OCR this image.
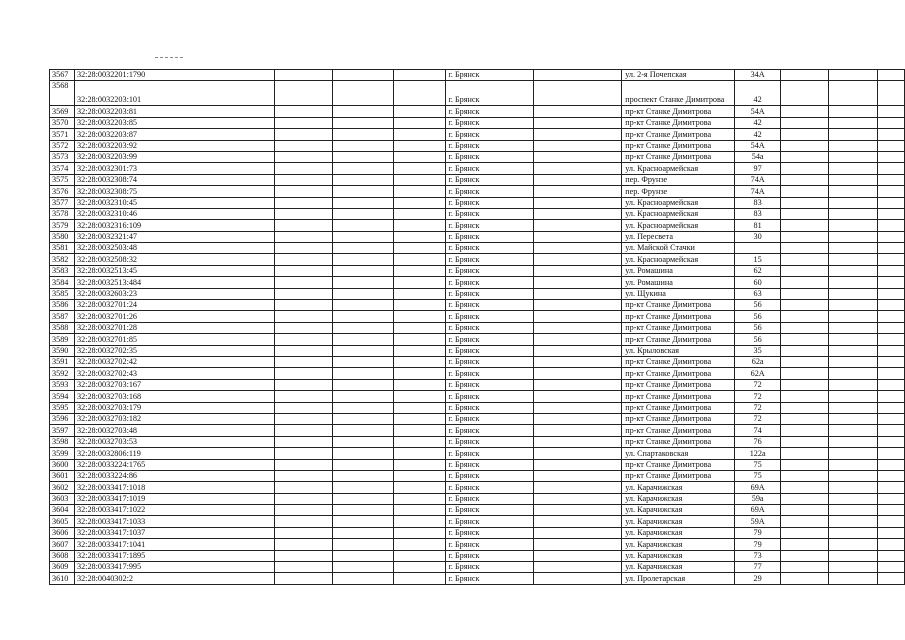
3567	32:28:0032201:1790				г. Брянск		ул. 2-я Почепская	34А			
3568	32:28:0032203:101				г. Брянск		проспект Станке Димитрова	42			
3569	32:28:0032203:81				г. Брянск		пр-кт Станке Димитрова	54А			
3570	32:28:0032203:85				г. Брянск		пр-кт Станке Димитрова	42			
3571	32:28:0032203:87				г. Брянск		пр-кт Станке Димитрова	42			
3572	32:28:0032203:92				г. Брянск		пр-кт Станке Димитрова	54А			
3573	32:28:0032203:99				г. Брянск		пр-кт Станке Димитрова	54а			
3574	32:28:0032301:73				г. Брянск		ул. Красноармейская	97			
3575	32:28:0032308:74				г. Брянск		пер. Фрунзе	74А			
3576	32:28:0032308:75				г. Брянск		пер. Фрунзе	74А			
3577	32:28:0032310:45				г. Брянск		ул. Красноармейская	83			
3578	32:28:0032310:46				г. Брянск		ул. Красноармейская	83			
3579	32:28:0032316:109				г. Брянск		ул. Красноармейская	81			
3580	32:28:0032321:47				г. Брянск		ул. Пересвета	30			
3581	32:28:0032503:48				г. Брянск		ул. Майской Стачки				
3582	32:28:0032508:32				г. Брянск		ул. Красноармейская	15			
3583	32:28:0032513:45				г. Брянск		ул. Ромашина	62			
3584	32:28:0032513:484				г. Брянск		ул. Ромашина	60			
3585	32:28:0032603:23				г. Брянск		ул. Щукина	63			
3586	32:28:0032701:24				г. Брянск		пр-кт Станке Димитрова	56			
3587	32:28:0032701:26				г. Брянск		пр-кт Станке Димитрова	56			
3588	32:28:0032701:28				г. Брянск		пр-кт Станке Димитрова	56			
3589	32:28:0032701:85				г. Брянск		пр-кт Станке Димитрова	56			
3590	32:28:0032702:35				г. Брянск		ул. Крыловская	35			
3591	32:28:0032702:42				г. Брянск		пр-кт Станке Димитрова	62а			
3592	32:28:0032702:43				г. Брянск		пр-кт Станке Димитрова	62А			
3593	32:28:0032703:167				г. Брянск		пр-кт Станке Димитрова	72			
3594	32:28:0032703:168				г. Брянск		пр-кт Станке Димитрова	72			
3595	32:28:0032703:179				г. Брянск		пр-кт Станке Димитрова	72			
3596	32:28:0032703:182				г. Брянск		пр-кт Станке Димитрова	72			
3597	32:28:0032703:48				г. Брянск		пр-кт Станке Димитрова	74			
3598	32:28:0032703:53				г. Брянск		пр-кт Станке Димитрова	76			
3599	32:28:0032806:119				г. Брянск		ул. Спартаковская	122а			
3600	32:28:0033224:1765				г. Брянск		пр-кт Станке Димитрова	75			
3601	32:28:0033224:86				г. Брянск		пр-кт Станке Димитрова	75			
3602	32:28:0033417:1018				г. Брянск		ул. Карачижская	69А			
3603	32:28:0033417:1019				г. Брянск		ул. Карачижская	59а			
3604	32:28:0033417:1022				г. Брянск		ул. Карачижская	69А			
3605	32:28:0033417:1033				г. Брянск		ул. Карачижская	59А			
3606	32:28:0033417:1037				г. Брянск		ул. Карачижская	79			
3607	32:28:0033417:1041				г. Брянск		ул. Карачижская	79			
3608	32:28:0033417:1895				г. Брянск		ул. Карачижская	73			
3609	32:28:0033417:995				г. Брянск		ул. Карачижская	77			
3610	32:28:0040302:2				г. Брянск		ул. Пролетарская	29			
